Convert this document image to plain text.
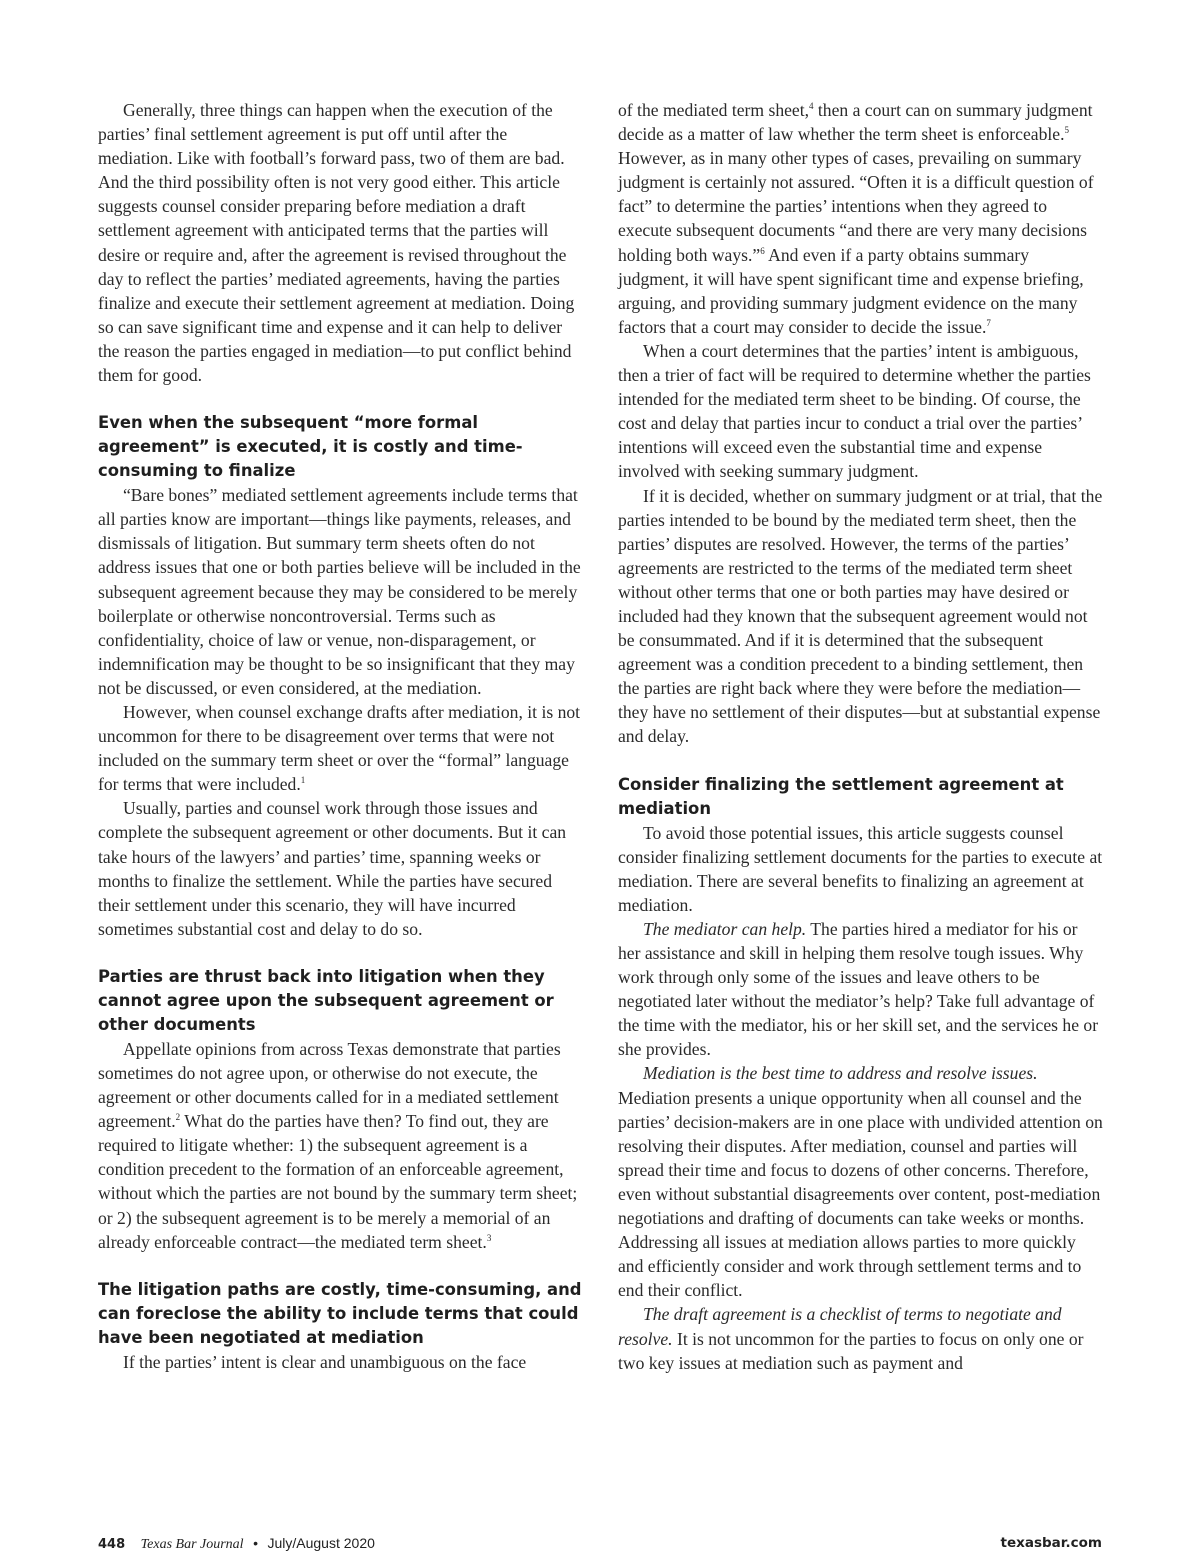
Generally, three things can happen when the execution of the parties’ final settlement agreement is put off until after the mediation. Like with football’s forward pass, two of them are bad. And the third possibility often is not very good either. This article suggests counsel consider preparing before mediation a draft settlement agreement with anticipated terms that the parties will desire or require and, after the agreement is revised throughout the day to reflect the parties’ mediated agreements, having the parties finalize and execute their settlement agreement at mediation. Doing so can save significant time and expense and it can help to deliver the reason the parties engaged in mediation—to put conflict behind them for good.

Even when the subsequent “more formal agreement” is executed, it is costly and time-consuming to finalize

“Bare bones” mediated settlement agreements include terms that all parties know are important—things like payments, releases, and dismissals of litigation. But summary term sheets often do not address issues that one or both parties believe will be included in the subsequent agreement because they may be considered to be merely boilerplate or otherwise noncontroversial. Terms such as confidentiality, choice of law or venue, non-disparagement, or indemnification may be thought to be so insignificant that they may not be discussed, or even considered, at the mediation.

However, when counsel exchange drafts after mediation, it is not uncommon for there to be disagreement over terms that were not included on the summary term sheet or over the “formal” language for terms that were included.$^1$

Usually, parties and counsel work through those issues and complete the subsequent agreement or other documents. But it can take hours of the lawyers’ and parties’ time, spanning weeks or months to finalize the settlement. While the parties have secured their settlement under this scenario, they will have incurred sometimes substantial cost and delay to do so.

Parties are thrust back into litigation when they cannot agree upon the subsequent agreement or other documents

Appellate opinions from across Texas demonstrate that parties sometimes do not agree upon, or otherwise do not execute, the agreement or other documents called for in a mediated settlement agreement.$^2$ What do the parties have then? To find out, they are required to litigate whether: 1) the subsequent agreement is a condition precedent to the formation of an enforceable agreement, without which the parties are not bound by the summary term sheet; or 2) the subsequent agreement is to be merely a memorial of an already enforceable contract—the mediated term sheet.$^3$

The litigation paths are costly, time-consuming, and can foreclose the ability to include terms that could have been negotiated at mediation

If the parties’ intent is clear and unambiguous on the face

of the mediated term sheet,$^4$ then a court can on summary judgment decide as a matter of law whether the term sheet is enforceable.$^5$ However, as in many other types of cases, prevailing on summary judgment is certainly not assured. “Often it is a difficult question of fact” to determine the parties’ intentions when they agreed to execute subsequent documents “and there are very many decisions holding both ways.”$^6$ And even if a party obtains summary judgment, it will have spent significant time and expense briefing, arguing, and providing summary judgment evidence on the many factors that a court may consider to decide the issue.$^7$

When a court determines that the parties’ intent is ambiguous, then a trier of fact will be required to determine whether the parties intended for the mediated term sheet to be binding. Of course, the cost and delay that parties incur to conduct a trial over the parties’ intentions will exceed even the substantial time and expense involved with seeking summary judgment.

If it is decided, whether on summary judgment or at trial, that the parties intended to be bound by the mediated term sheet, then the parties’ disputes are resolved. However, the terms of the parties’ agreements are restricted to the terms of the mediated term sheet without other terms that one or both parties may have desired or included had they known that the subsequent agreement would not be consummated. And if it is determined that the subsequent agreement was a condition precedent to a binding settlement, then the parties are right back where they were before the mediation—they have no settlement of their disputes—but at substantial expense and delay.

Consider finalizing the settlement agreement at mediation

To avoid those potential issues, this article suggests counsel consider finalizing settlement documents for the parties to execute at mediation. There are several benefits to finalizing an agreement at mediation.

The mediator can help. The parties hired a mediator for his or her assistance and skill in helping them resolve tough issues. Why work through only some of the issues and leave others to be negotiated later without the mediator’s help? Take full advantage of the time with the mediator, his or her skill set, and the services he or she provides.

Mediation is the best time to address and resolve issues. Mediation presents a unique opportunity when all counsel and the parties’ decision-makers are in one place with undivided attention on resolving their disputes. After mediation, counsel and parties will spread their time and focus to dozens of other concerns. Therefore, even without substantial disagreements over content, post-mediation negotiations and drafting of documents can take weeks or months. Addressing all issues at mediation allows parties to more quickly and efficiently consider and work through settlement terms and to end their conflict.

The draft agreement is a checklist of terms to negotiate and resolve. It is not uncommon for the parties to focus on only one or two key issues at mediation such as payment and

448 Texas Bar Journal • July/August 2020	texasbar.com
